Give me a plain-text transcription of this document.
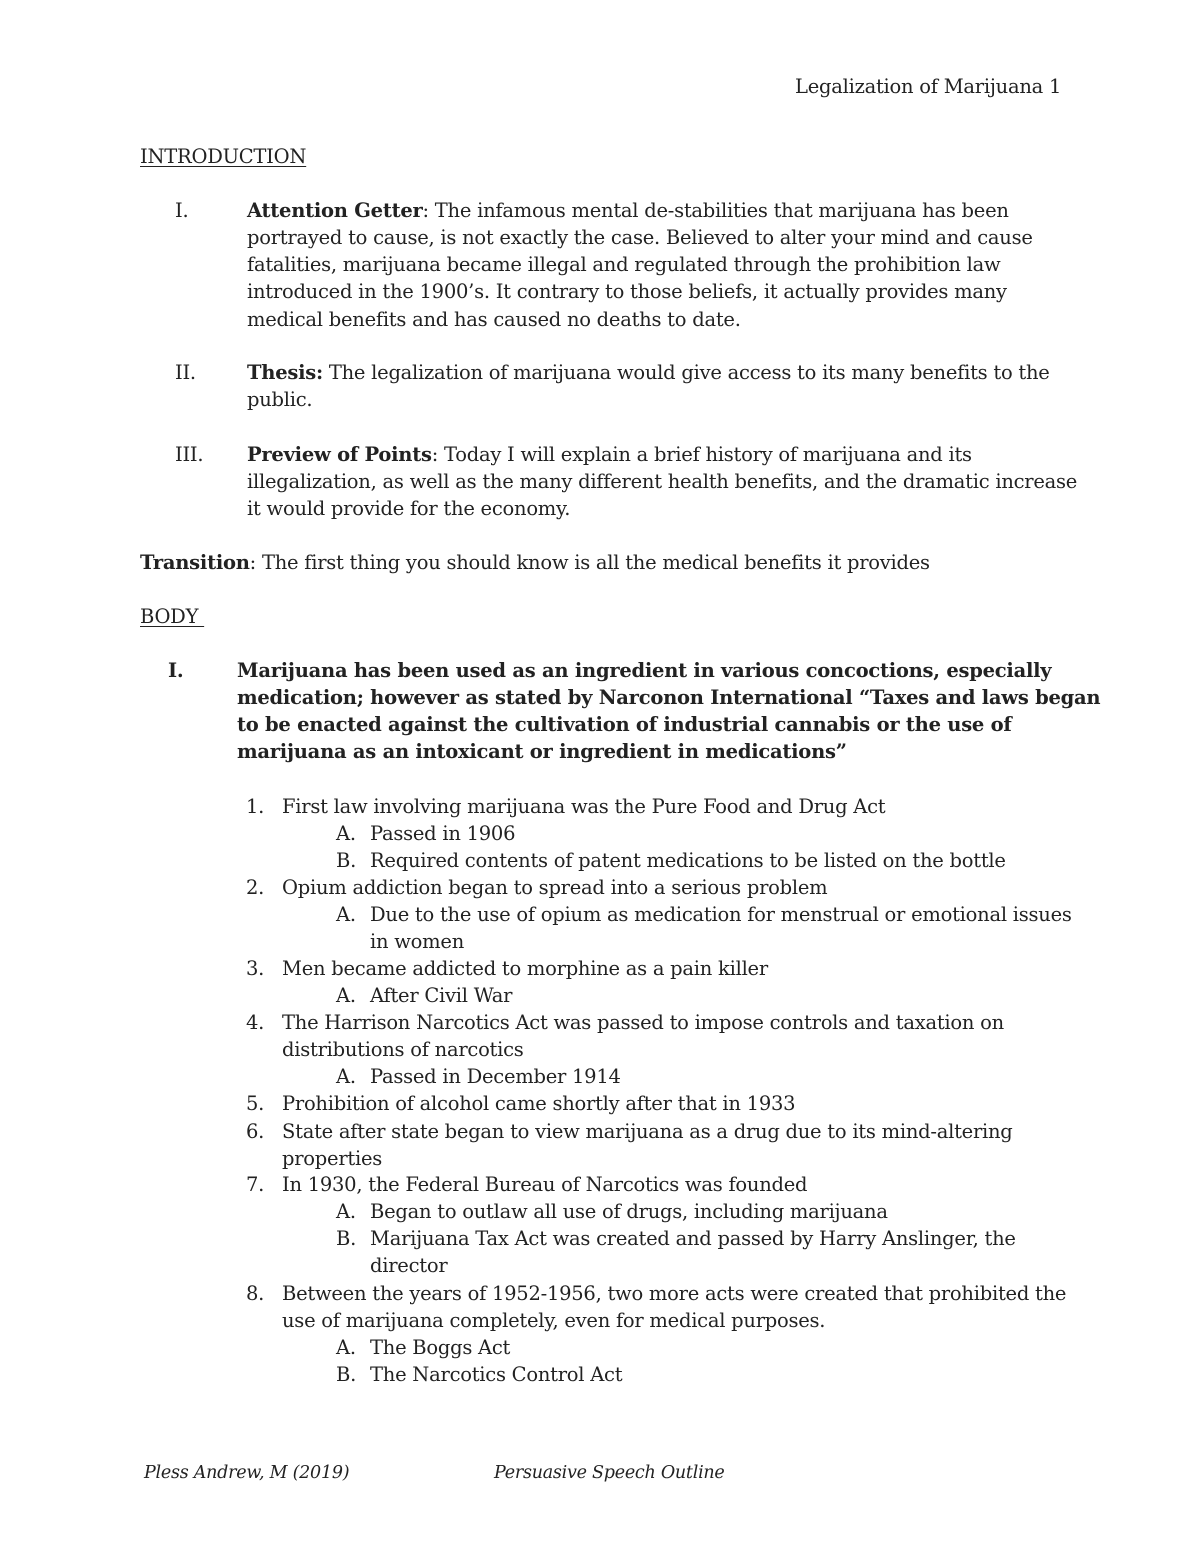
Legalization of Marijuana 1
INTRODUCTION
I.	Attention Getter: The infamous mental de-stabilities that marijuana has been
portrayed to cause, is not exactly the case. Believed to alter your mind and cause
fatalities, marijuana became illegal and regulated through the prohibition law
introduced in the 1900’s. It contrary to those beliefs, it actually provides many
medical benefits and has caused no deaths to date.
II.	Thesis: The legalization of marijuana would give access to its many benefits to the
public.
III. Preview of Points: Today I will explain a brief history of marijuana and its
illegalization, as well as the many different health benefits, and the dramatic increase
it would provide for the economy.
Transition: The first thing you should know is all the medical benefits it provides
BODY
I.	Marijuana has been used as an ingredient in various concoctions, especially
medication; however as stated by Narconon International “Taxes and laws began
to be enacted against the cultivation of industrial cannabis or the use of
marijuana as an intoxicant or ingredient in medications”
1. First law involving marijuana was the Pure Food and Drug Act
A. Passed in 1906
B. Required contents of patent medications to be listed on the bottle
2. Opium addiction began to spread into a serious problem
A. Due to the use of opium as medication for menstrual or emotional issues
in women
3. Men became addicted to morphine as a pain killer
A. After Civil War
4. The Harrison Narcotics Act was passed to impose controls and taxation on
distributions of narcotics
A. Passed in December 1914
5. Prohibition of alcohol came shortly after that in 1933
6. State after state began to view marijuana as a drug due to its mind-altering
properties
7. In 1930, the Federal Bureau of Narcotics was founded
A. Began to outlaw all use of drugs, including marijuana
B. Marijuana Tax Act was created and passed by Harry Anslinger, the
director
8. Between the years of 1952-1956, two more acts were created that prohibited the
use of marijuana completely, even for medical purposes.
A. The Boggs Act
B. The Narcotics Control Act
Pless Andrew, M (2019)	Persuasive Speech Outline
